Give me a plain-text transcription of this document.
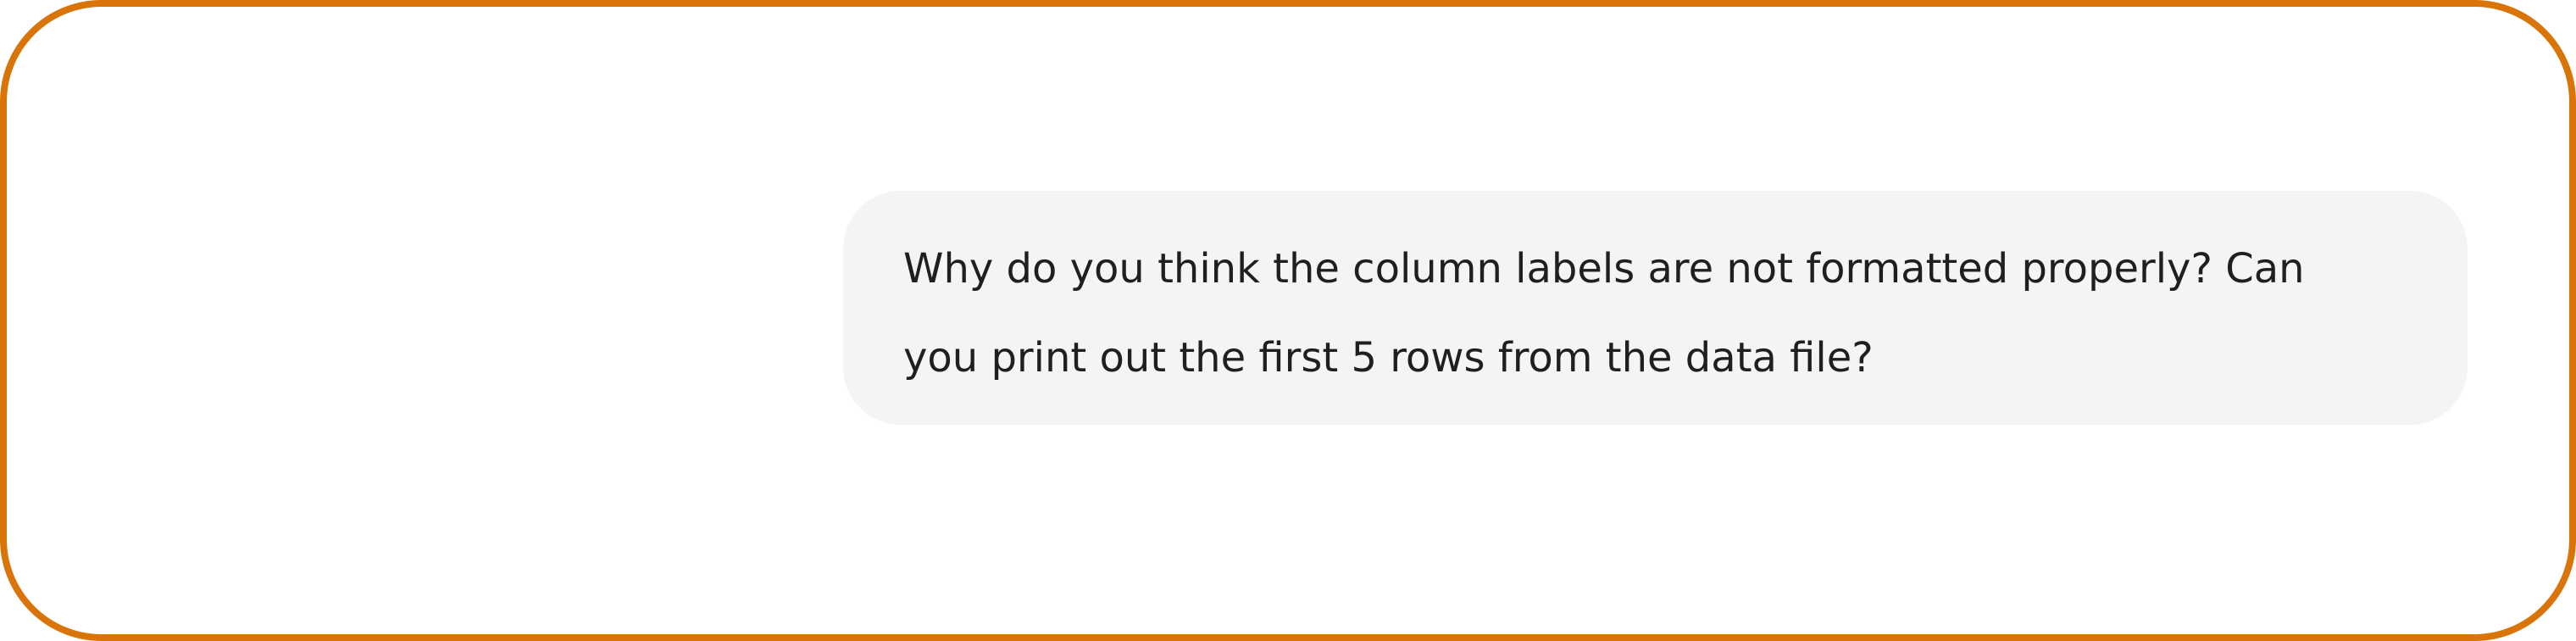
Why do you think the column labels are not formatted properly? Can
you print out the first 5 rows from the data file?
